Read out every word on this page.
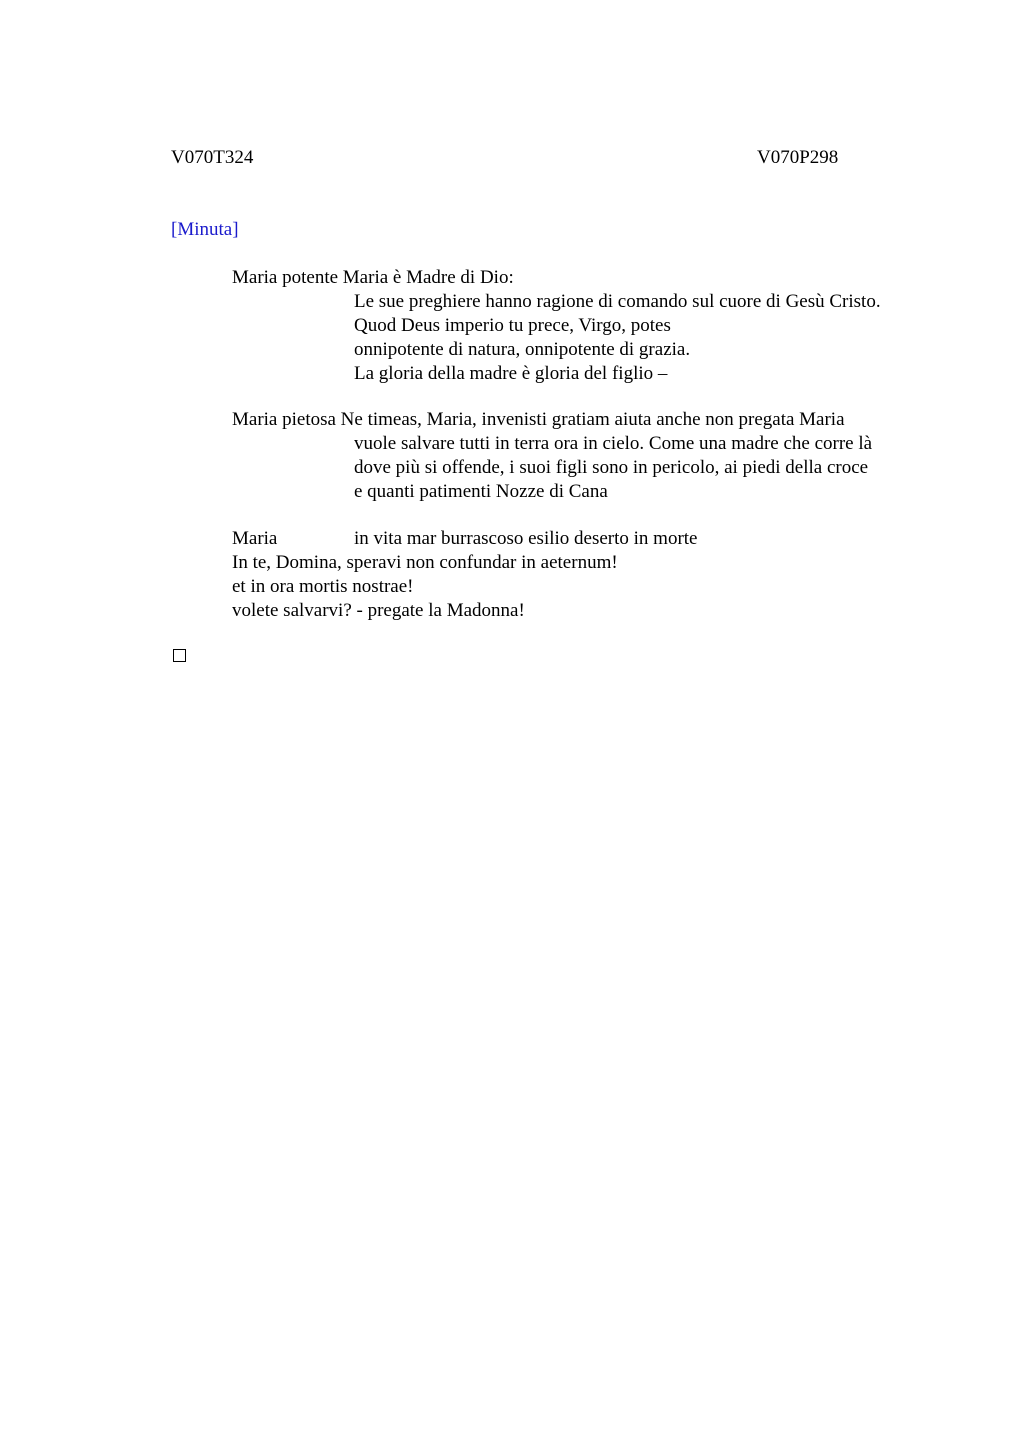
V070T324	V070P298
[Minuta]
Maria potente Maria è Madre di Dio:
Le sue preghiere hanno ragione di comando sul cuore di Gesù Cristo.
Quod Deus imperio tu prece, Virgo, potes
onnipotente di natura, onnipotente di grazia.
La gloria della madre è gloria del figlio –
Maria pietosa Ne timeas, Maria, invenisti gratiam aiuta anche non pregata Maria
vuole salvare tutti in terra ora in cielo. Come una madre che corre là
dove più si offende, i suoi figli sono in pericolo, ai piedi della croce
e quanti patimenti Nozze di Cana
Maria	in vita mar burrascoso esilio deserto in morte
In te, Domina, speravi non confundar in aeternum!
et in ora mortis nostrae!
volete salvarvi? - pregate la Madonna!
